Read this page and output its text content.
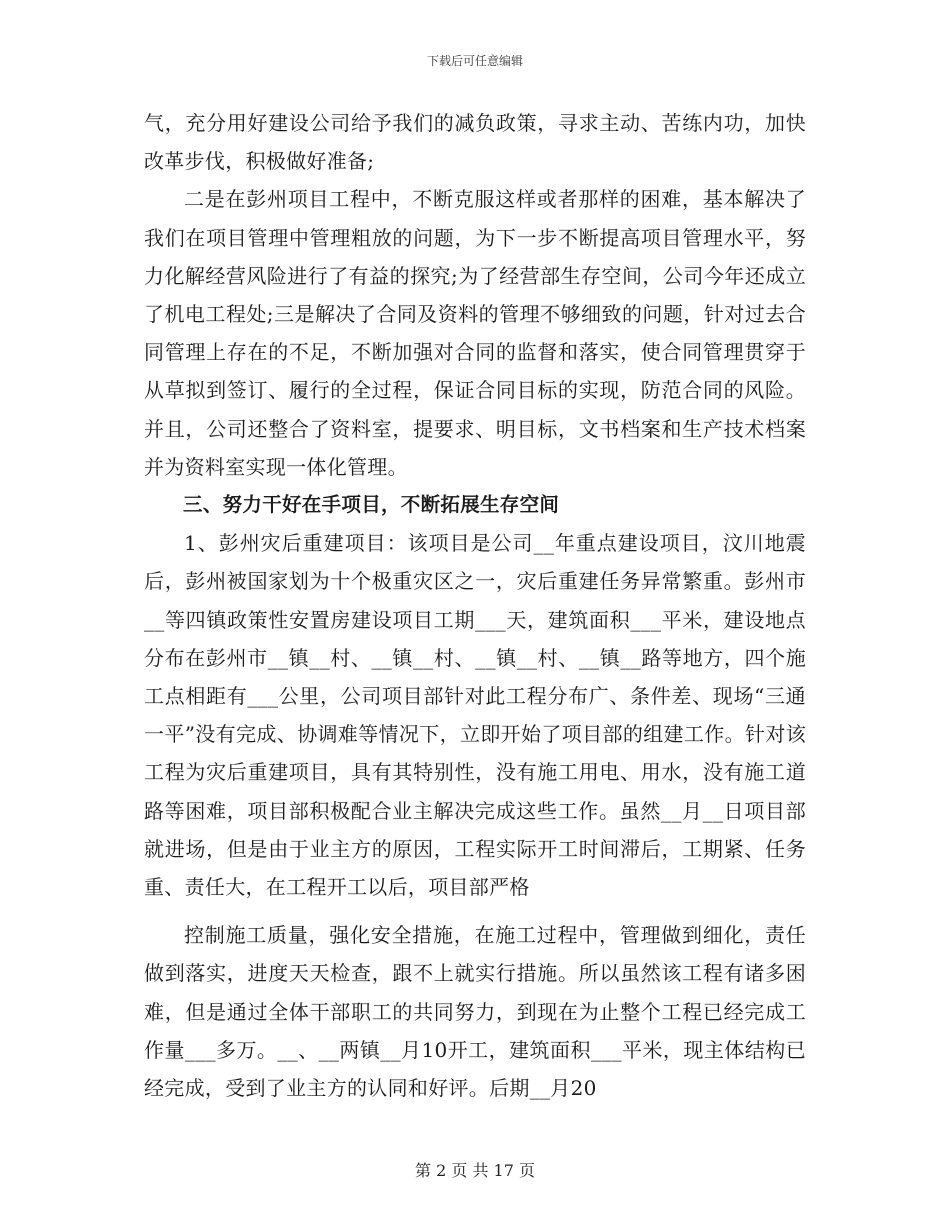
下载后可任意编辑

气，充分用好建设公司给予我们的减负政策，寻求主动、苦练内功，加快改革步伐，积极做好准备;

二是在彭州项目工程中，不断克服这样或者那样的困难，基本解决了我们在项目管理中管理粗放的问题，为下一步不断提高项目管理水平，努力化解经营风险进行了有益的探究;为了经营部生存空间，公司今年还成立了机电工程处;三是解决了合同及资料的管理不够细致的问题，针对过去合同管理上存在的不足，不断加强对合同的监督和落实，使合同管理贯穿于从草拟到签订、履行的全过程，保证合同目标的实现，防范合同的风险。并且，公司还整合了资料室，提要求、明目标，文书档案和生产技术档案并为资料室实现一体化管理。

三、努力干好在手项目，不断拓展生存空间

1、彭州灾后重建项目：该项目是公司__年重点建设项目，汶川地震后，彭州被国家划为十个极重灾区之一，灾后重建任务异常繁重。彭州市__等四镇政策性安置房建设项目工期___天，建筑面积___平米，建设地点分布在彭州市__镇__村、__镇__村、__镇__村、__镇__路等地方，四个施工点相距有___公里，公司项目部针对此工程分布广、条件差、现场“三通一平”没有完成、协调难等情况下，立即开始了项目部的组建工作。针对该工程为灾后重建项目，具有其特别性，没有施工用电、用水，没有施工道路等困难，项目部积极配合业主解决完成这些工作。虽然__月__日项目部就进场，但是由于业主方的原因，工程实际开工时间滞后，工期紧、任务重、责任大，在工程开工以后，项目部严格

控制施工质量，强化安全措施，在施工过程中，管理做到细化，责任做到落实，进度天天检查，跟不上就实行措施。所以虽然该工程有诸多困难，但是通过全体干部职工的共同努力，到现在为止整个工程已经完成工作量___多万。__、__两镇__月10开工，建筑面积___平米，现主体结构已经完成，受到了业主方的认同和好评。后期__月20

第 2 页 共 17 页
